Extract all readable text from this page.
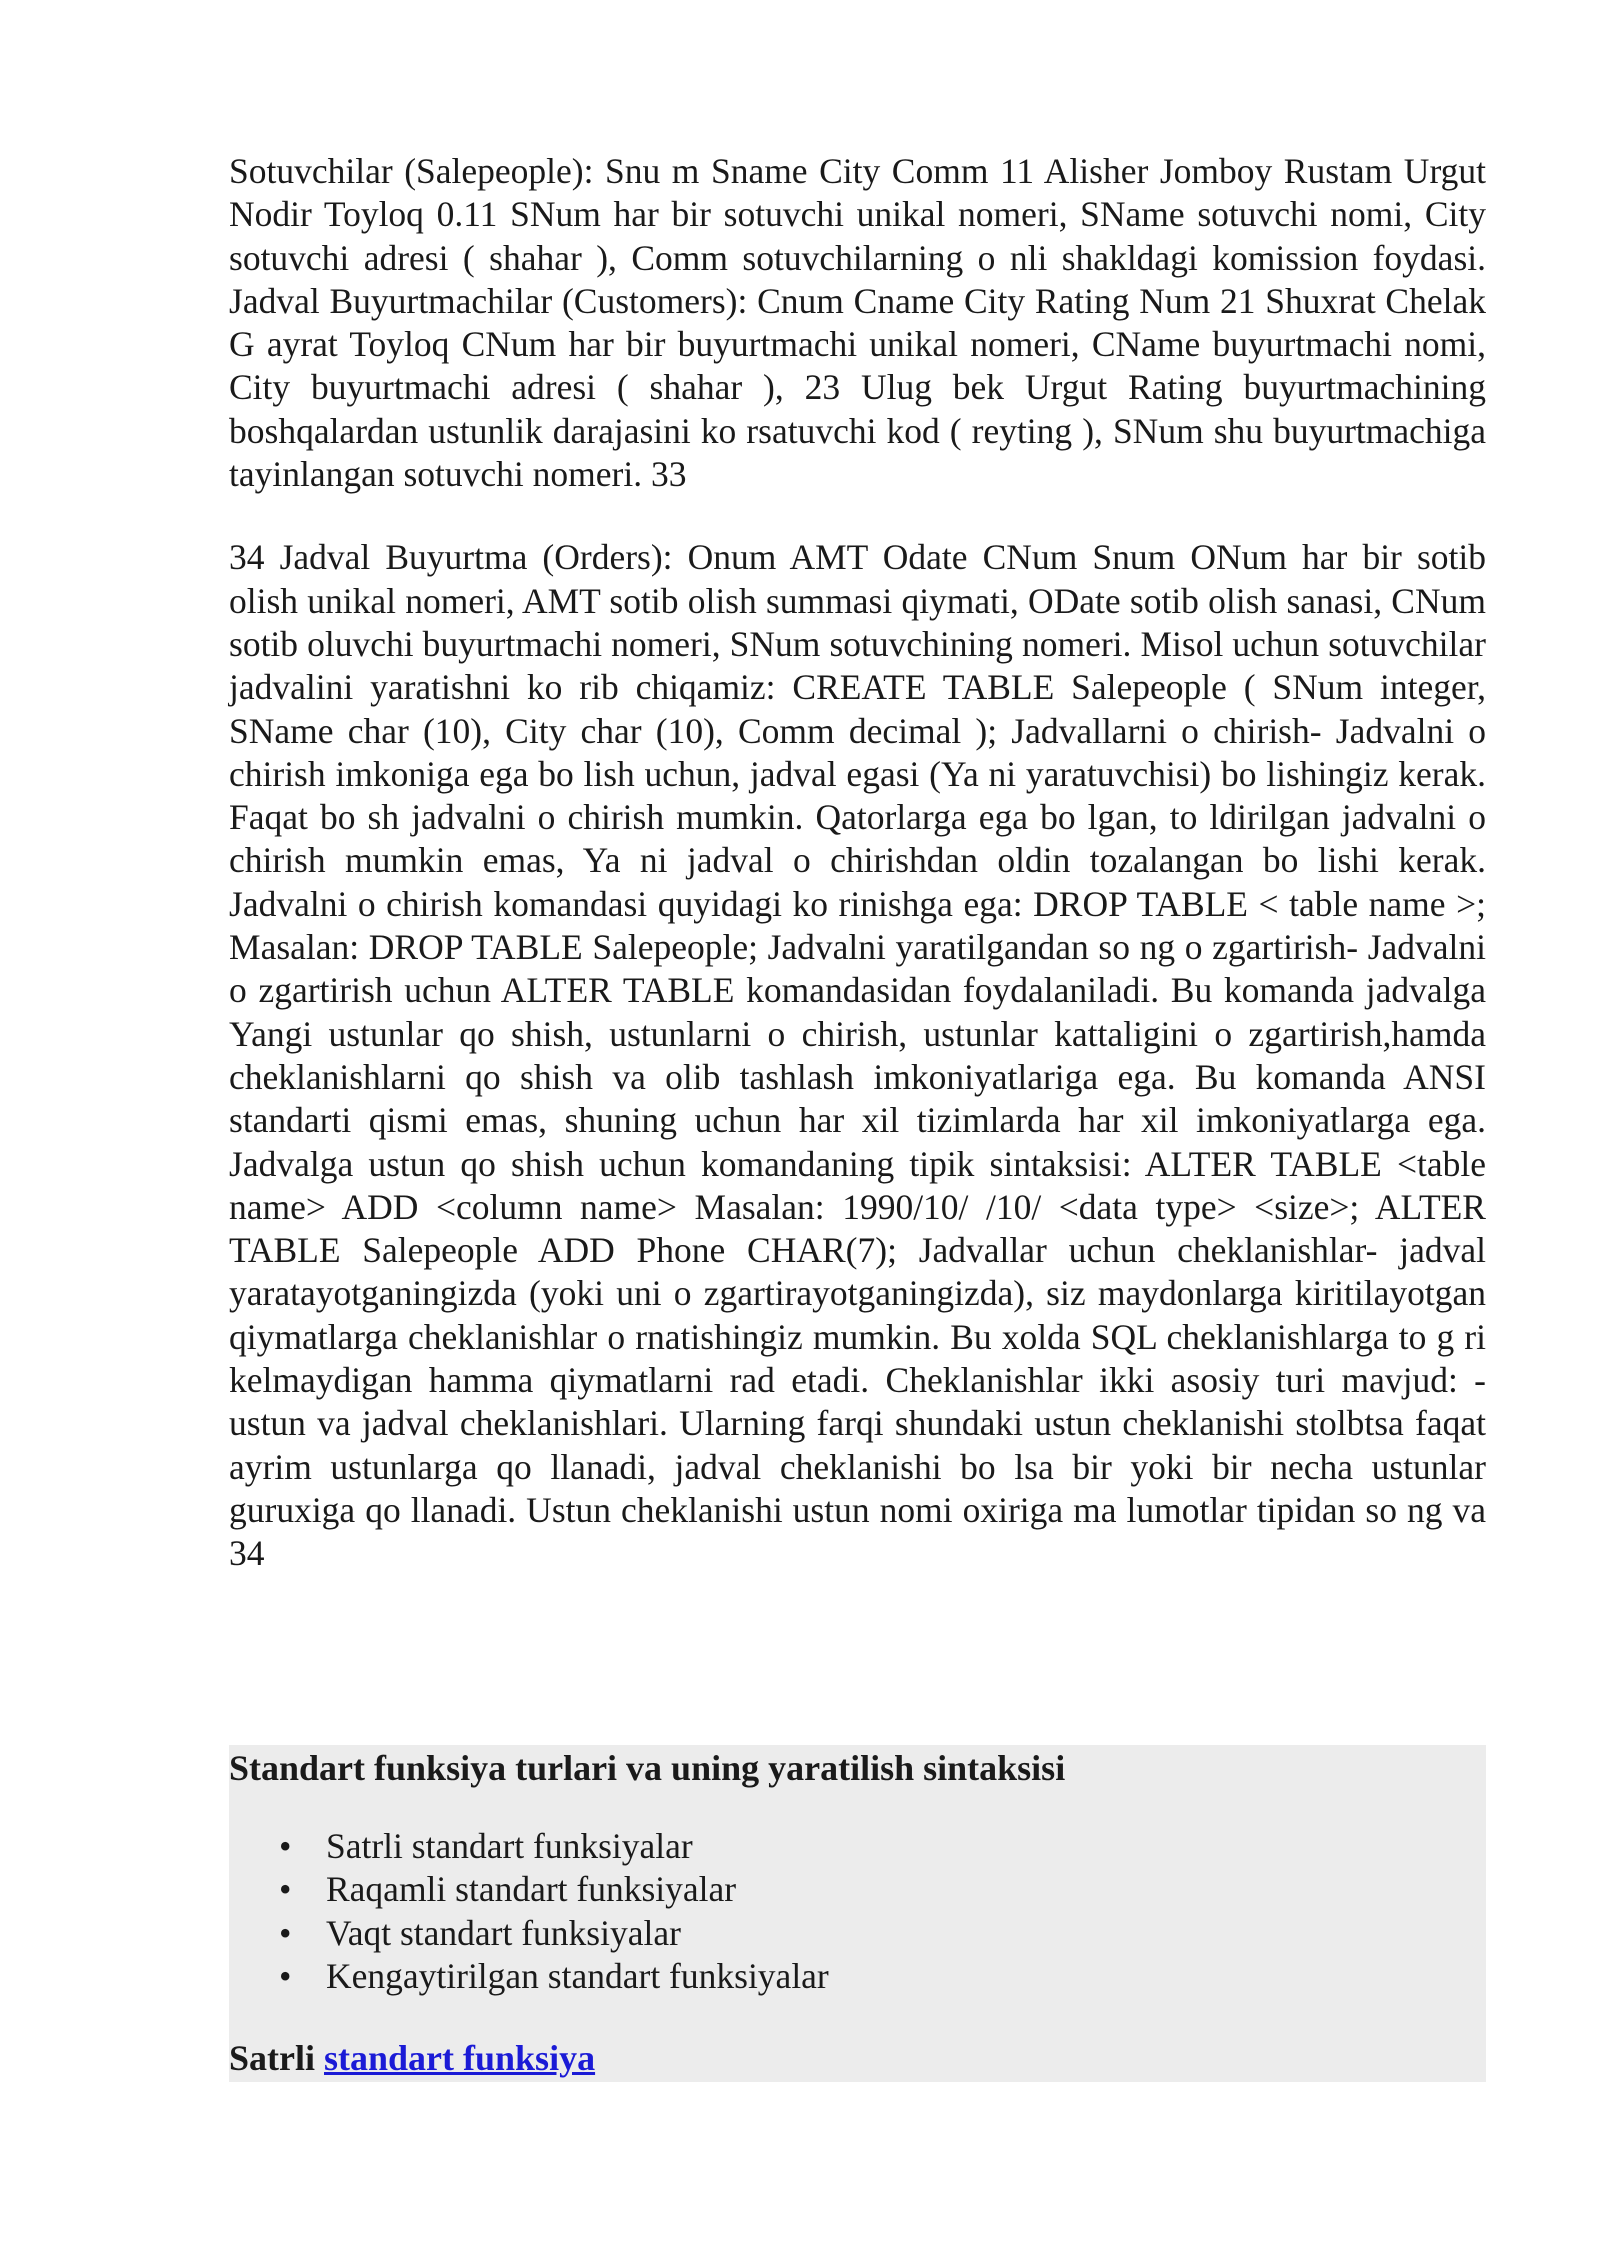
Sotuvchilar (Salepeople): Snu m Sname City Comm 11 Alisher Jomboy Rustam Urgut Nodir Toyloq 0.11 SNum har bir sotuvchi unikal nomeri, SName sotuvchi nomi, City sotuvchi adresi ( shahar ), Comm sotuvchilarning o nli shakldagi komission foydasi. Jadval Buyurtmachilar (Customers): Cnum Cname City Rating Num 21 Shuxrat Chelak G ayrat Toyloq CNum har bir buyurtmachi unikal nomeri, CName buyurtmachi nomi, City buyurtmachi adresi ( shahar ), 23 Ulug bek Urgut Rating buyurtmachining boshqalardan ustunlik darajasini ko rsatuvchi kod ( reyting ), SNum shu buyurtmachiga tayinlangan sotuvchi nomeri. 33

34 Jadval Buyurtma (Orders): Onum AMT Odate CNum Snum ONum har bir sotib olish unikal nomeri, AMT sotib olish summasi qiymati, ODate sotib olish sanasi, CNum sotib oluvchi buyurtmachi nomeri, SNum sotuvchining nomeri. Misol uchun sotuvchilar jadvalini yaratishni ko rib chiqamiz: CREATE TABLE Salepeople ( SNum integer, SName char (10), City char (10), Comm decimal ); Jadvallarni o chirish- Jadvalni o chirish imkoniga ega bo lish uchun, jadval egasi (Ya ni yaratuvchisi) bo lishingiz kerak. Faqat bo sh jadvalni o chirish mumkin. Qatorlarga ega bo lgan, to ldirilgan jadvalni o chirish mumkin emas, Ya ni jadval o chirishdan oldin tozalangan bo lishi kerak. Jadvalni o chirish komandasi quyidagi ko rinishga ega: DROP TABLE < table name >; Masalan: DROP TABLE Salepeople; Jadvalni yaratilgandan so ng o zgartirish- Jadvalni o zgartirish uchun ALTER TABLE komandasidan foydalaniladi. Bu komanda jadvalga Yangi ustunlar qo shish, ustunlarni o chirish, ustunlar kattaligini o zgartirish,hamda cheklanishlarni qo shish va olib tashlash imkoniyatlariga ega. Bu komanda ANSI standarti qismi emas, shuning uchun har xil tizimlarda har xil imkoniyatlarga ega. Jadvalga ustun qo shish uchun komandaning tipik sintaksisi: ALTER TABLE <table name> ADD <column name> Masalan: 1990/10/ /10/ <data type> <size>; ALTER TABLE Salepeople ADD Phone CHAR(7); Jadvallar uchun cheklanishlar- jadval yaratayotganingizda (yoki uni o zgartirayotganingizda), siz maydonlarga kiritilayotgan qiymatlarga cheklanishlar o rnatishingiz mumkin. Bu xolda SQL cheklanishlarga to g ri kelmaydigan hamma qiymatlarni rad etadi. Cheklanishlar ikki asosiy turi mavjud: - ustun va jadval cheklanishlari. Ularning farqi shundaki ustun cheklanishi stolbtsa faqat ayrim ustunlarga qo llanadi, jadval cheklanishi bo lsa bir yoki bir necha ustunlar guruxiga qo llanadi. Ustun cheklanishi ustun nomi oxiriga ma lumotlar tipidan so ng va 34

Standart funksiya turlari va uning yaratilish sintaksisi
• Satrli standart funksiyalar
• Raqamli standart funksiyalar
• Vaqt standart funksiyalar
• Kengaytirilgan standart funksiyalar
Satrli standart funksiya
